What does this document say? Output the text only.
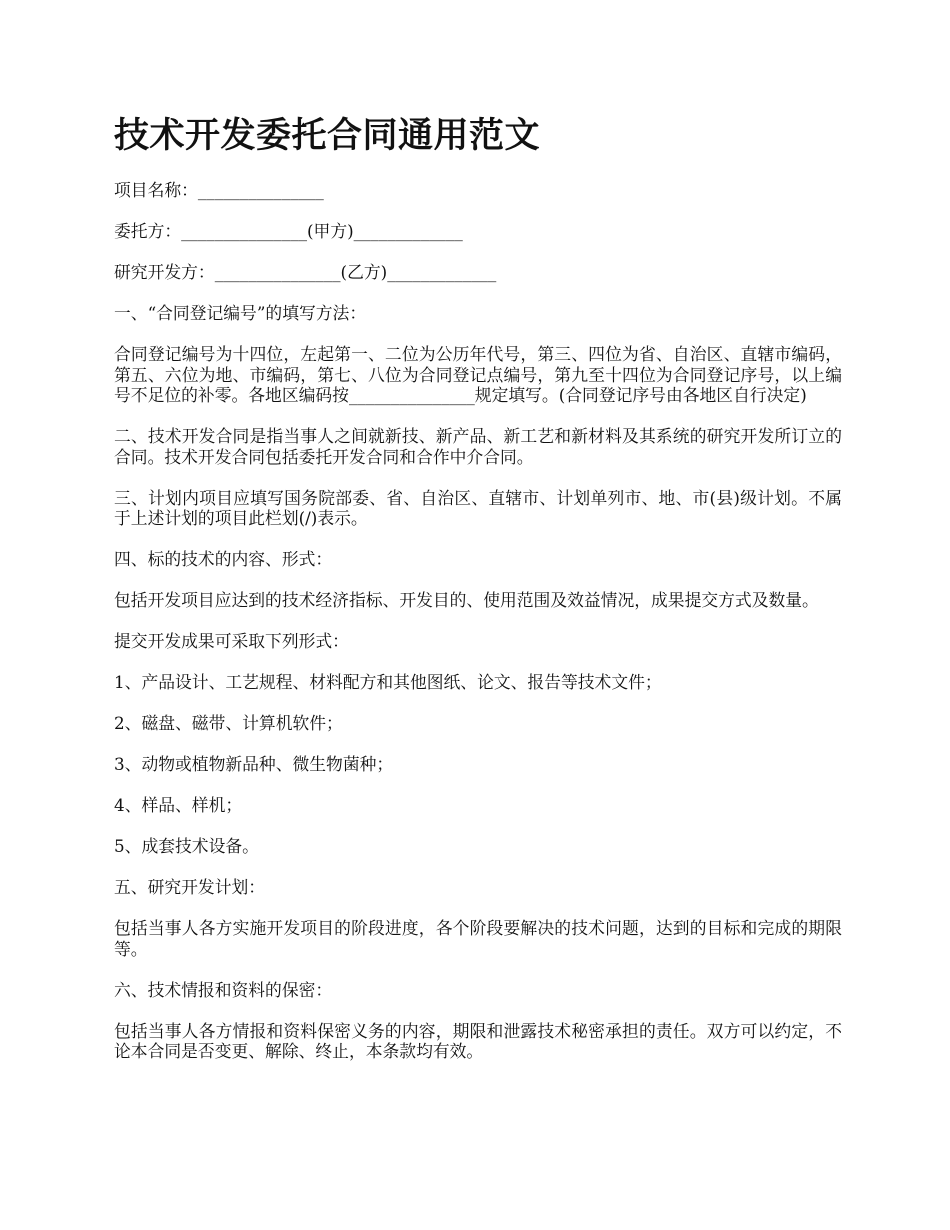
技术开发委托合同通用范文

项目名称：_______________

委托方：_______________(甲方)_____________

研究开发方：_______________(乙方)_____________

一、“合同登记编号”的填写方法：

合同登记编号为十四位，左起第一、二位为公历年代号，第三、四位为省、自治区、直辖市编码，第五、六位为地、市编码，第七、八位为合同登记点编号，第九至十四位为合同登记序号，以上编号不足位的补零。各地区编码按_______________规定填写。(合同登记序号由各地区自行决定)

二、技术开发合同是指当事人之间就新技、新产品、新工艺和新材料及其系统的研究开发所订立的合同。技术开发合同包括委托开发合同和合作中介合同。

三、计划内项目应填写国务院部委、省、自治区、直辖市、计划单列市、地、市(县)级计划。不属于上述计划的项目此栏划(/)表示。

四、标的技术的内容、形式：

包括开发项目应达到的技术经济指标、开发目的、使用范围及效益情况，成果提交方式及数量。

提交开发成果可采取下列形式：

1、产品设计、工艺规程、材料配方和其他图纸、论文、报告等技术文件；

2、磁盘、磁带、计算机软件；

3、动物或植物新品种、微生物菌种；

4、样品、样机；

5、成套技术设备。

五、研究开发计划：

包括当事人各方实施开发项目的阶段进度，各个阶段要解决的技术问题，达到的目标和完成的期限等。

六、技术情报和资料的保密：

包括当事人各方情报和资料保密义务的内容，期限和泄露技术秘密承担的责任。双方可以约定，不论本合同是否变更、解除、终止，本条款均有效。
